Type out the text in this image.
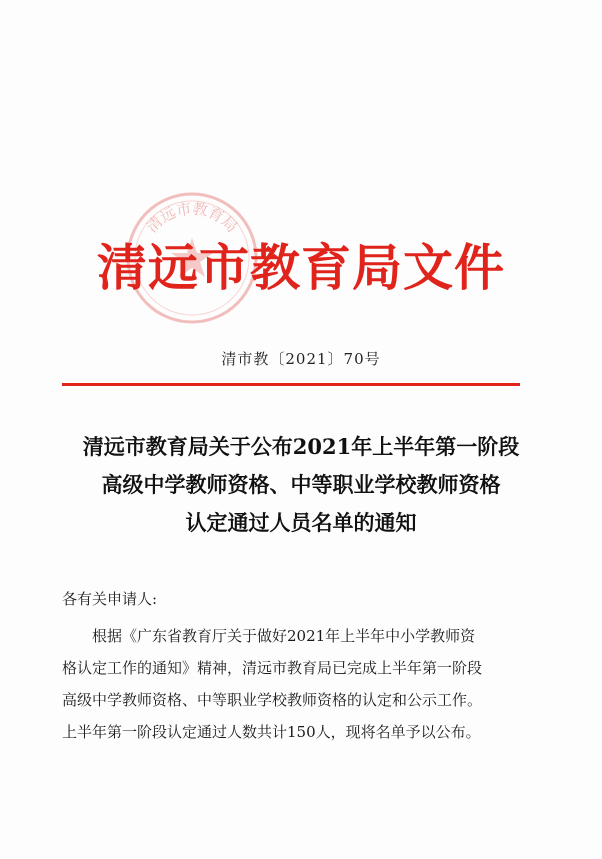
清远市教育局
清远市教育局文件
清市教〔2021〕70号
清远市教育局关于公布2021年上半年第一阶段
高级中学教师资格、中等职业学校教师资格
认定通过人员名单的通知
各有关申请人:
根据《广东省教育厅关于做好2021年上半年中小学教师资
格认定工作的通知》精神，清远市教育局已完成上半年第一阶段
高级中学教师资格、中等职业学校教师资格的认定和公示工作。
上半年第一阶段认定通过人数共计150人，现将名单予以公布。
